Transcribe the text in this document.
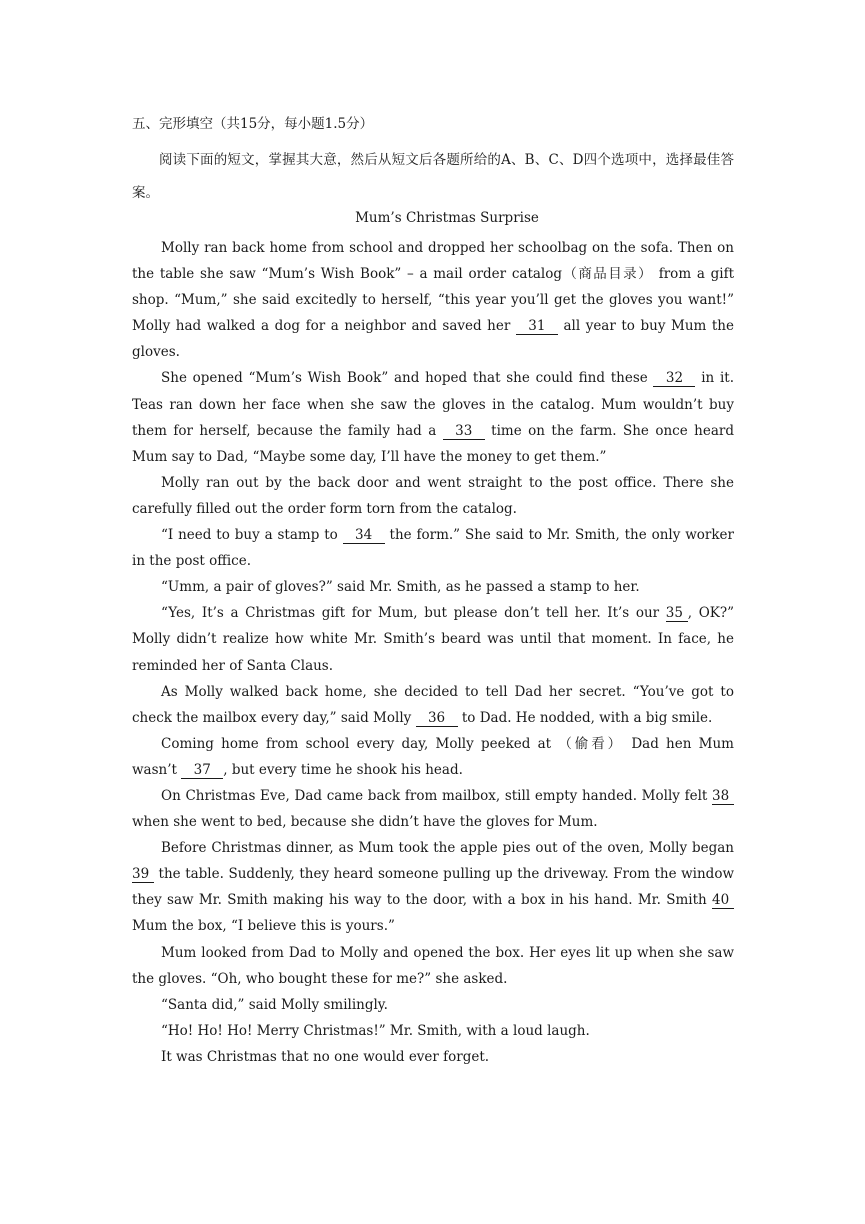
五、完形填空（共15分，每小题1.5分）
阅读下面的短文，掌握其大意，然后从短文后各题所给的A、B、C、D四个选项中，选择最佳答案。
Mum’s Christmas Surprise

Molly ran back home from school and dropped her schoolbag on the sofa. Then on the table she saw “Mum’s Wish Book” – a mail order catalog（商品目录） from a gift shop. “Mum,” she said excitedly to herself, “this year you’ll get the gloves you want!” Molly had walked a dog for a neighbor and saved her 31 all year to buy Mum the gloves.

She opened “Mum’s Wish Book” and hoped that she could find these 32 in it. Teas ran down her face when she saw the gloves in the catalog. Mum wouldn’t buy them for herself, because the family had a 33 time on the farm. She once heard Mum say to Dad, “Maybe some day, I’ll have the money to get them.”

Molly ran out by the back door and went straight to the post office. There she carefully filled out the order form torn from the catalog.

“I need to buy a stamp to 34 the form.” She said to Mr. Smith, the only worker in the post office.

“Umm, a pair of gloves?” said Mr. Smith, as he passed a stamp to her.

“Yes, It’s a Christmas gift for Mum, but please don’t tell her. It’s our 35 , OK?” Molly didn’t realize how white Mr. Smith’s beard was until that moment. In face, he reminded her of Santa Claus.

As Molly walked back home, she decided to tell Dad her secret. “You’ve got to check the mailbox every day,” said Molly 36 to Dad. He nodded, with a big smile.

Coming home from school every day, Molly peeked at （偷看） Dad hen Mum wasn’t 37 , but every time he shook his head.

On Christmas Eve, Dad came back from mailbox, still empty handed. Molly felt 38 when she went to bed, because she didn’t have the gloves for Mum.

Before Christmas dinner, as Mum took the apple pies out of the oven, Molly began 39 the table. Suddenly, they heard someone pulling up the driveway. From the window they saw Mr. Smith making his way to the door, with a box in his hand. Mr. Smith 40 Mum the box, “I believe this is yours.”

Mum looked from Dad to Molly and opened the box. Her eyes lit up when she saw the gloves. “Oh, who bought these for me?” she asked.

“Santa did,” said Molly smilingly.

“Ho! Ho! Ho! Merry Christmas!” Mr. Smith, with a loud laugh.

It was Christmas that no one would ever forget.
